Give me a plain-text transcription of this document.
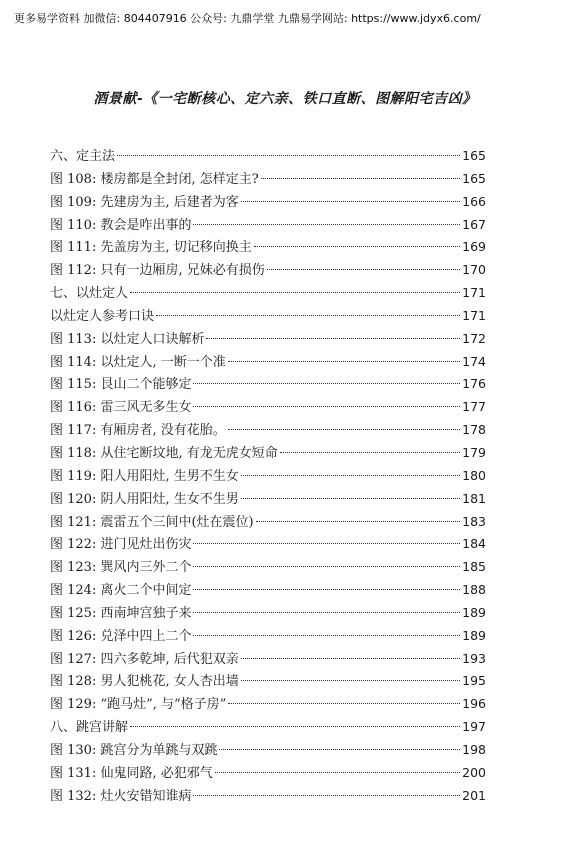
更多易学资料 加微信: 804407916 公众号: 九鼎学堂 九鼎易学网站: https://www.jdyx6.com/
酒景献-《一宅断核心、定六亲、铁口直断、图解阳宅吉凶》
六、定主法	165
图 108: 楼房都是全封闭, 怎样定主?	165
图 109: 先建房为主, 后建者为客	166
图 110: 教会是咋出事的	167
图 111: 先盖房为主, 切记移向换主	169
图 112: 只有一边厢房, 兄妹必有损伤	170
七、以灶定人	171
以灶定人参考口诀	171
图 113: 以灶定人口诀解析	172
图 114: 以灶定人, 一断一个准	174
图 115: 艮山二个能够定	176
图 116: 雷三风无多生女	177
图 117: 有厢房者, 没有花胎。	178
图 118: 从住宅断坟地, 有龙无虎女短命	179
图 119: 阳人用阳灶, 生男不生女	180
图 120: 阴人用阳灶, 生女不生男	181
图 121: 震雷五个三间中(灶在震位)	183
图 122: 进门见灶出伤灾	184
图 123: 巽风内三外二个	185
图 124: 离火二个中间定	188
图 125: 西南坤宫独子来	189
图 126: 兑泽中四上二个	189
图 127: 四六多乾坤, 后代犯双亲	193
图 128: 男人犯桃花, 女人杏出墙	195
图 129: “跑马灶”, 与“格子房”	196
八、跳宫讲解	197
图 130: 跳宫分为单跳与双跳	198
图 131: 仙鬼同路, 必犯邪气	200
图 132: 灶火安错知谁病	201
